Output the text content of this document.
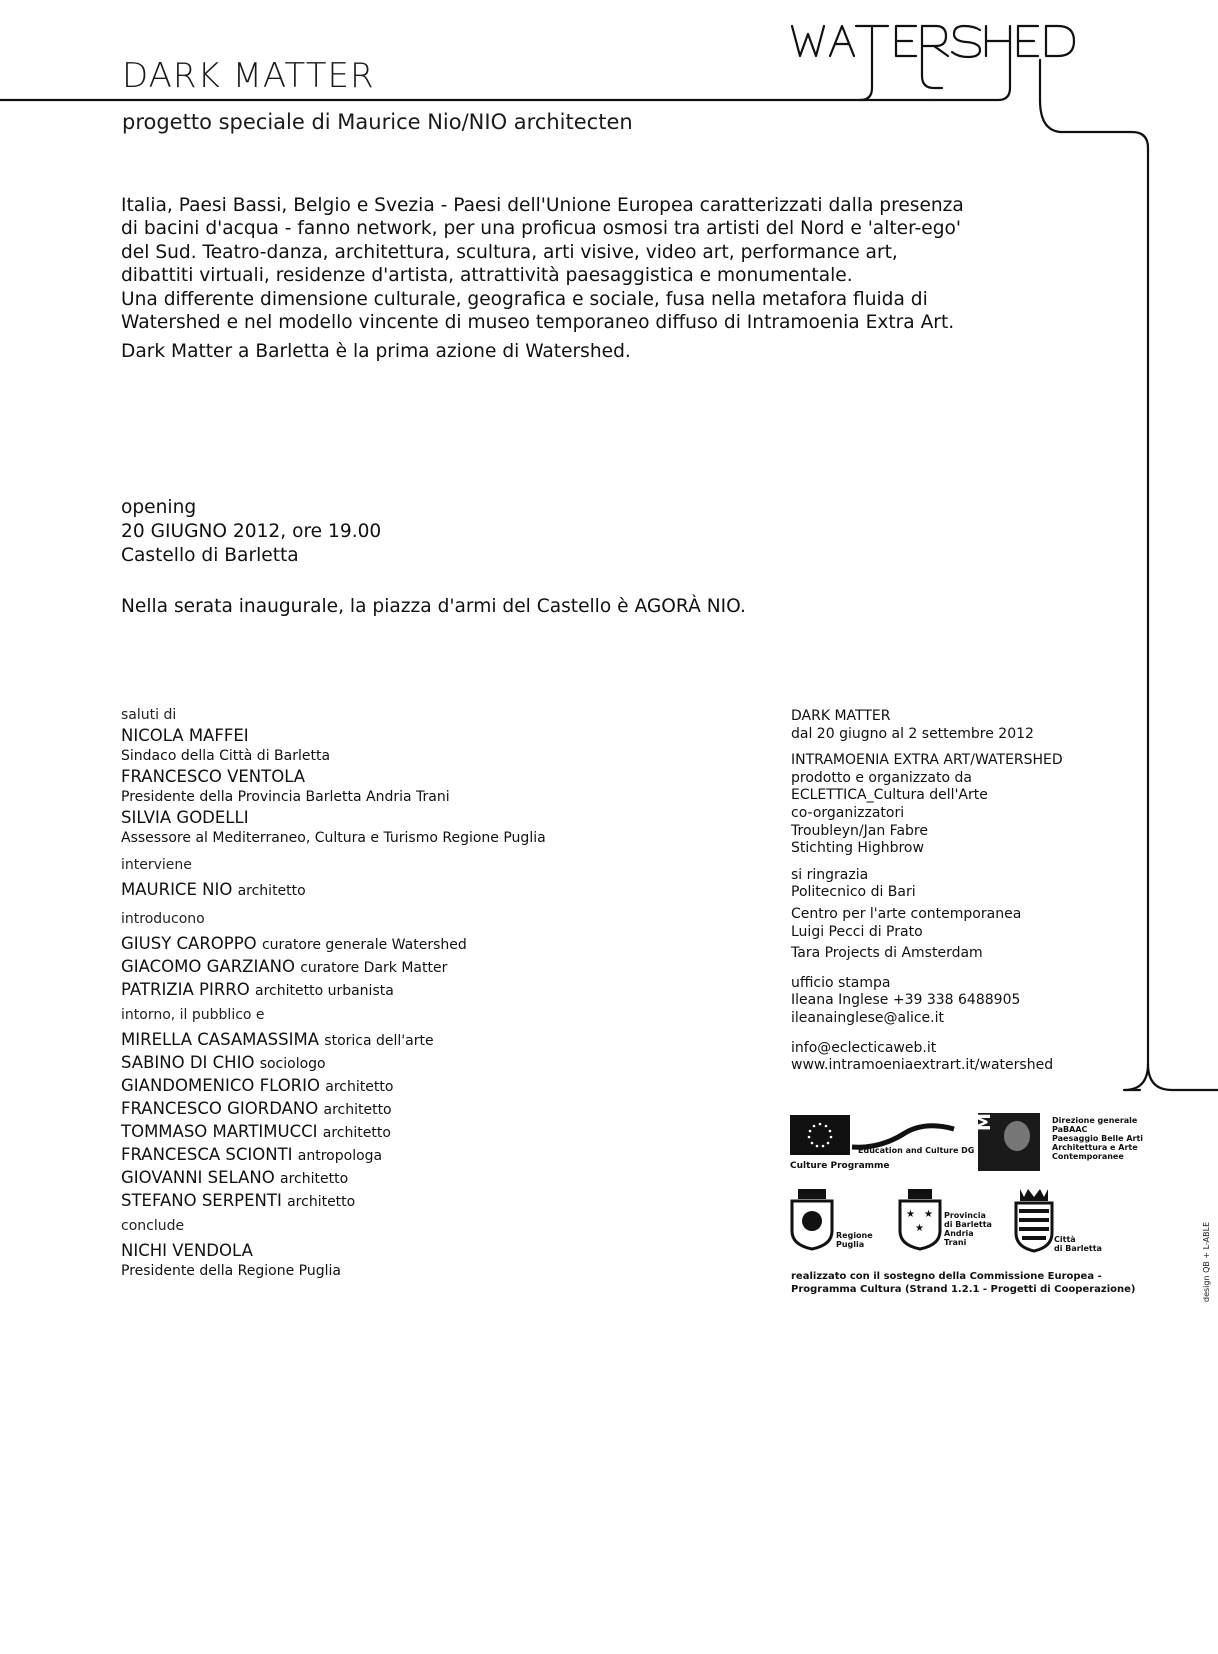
DARK MATTER
progetto speciale di Maurice Nio/NIO architecten

Italia, Paesi Bassi, Belgio e Svezia - Paesi dell'Unione Europea caratterizzati dalla presenza

di bacini d'acqua - fanno network, per una proficua osmosi tra artisti del Nord e 'alter-ego'

del Sud. Teatro-danza, architettura, scultura, arti visive, video art, performance art,

dibattiti virtuali, residenze d'artista, attrattività paesaggistica e monumentale.

Una differente dimensione culturale, geografica e sociale, fusa nella metafora fluida di

Watershed e nel modello vincente di museo temporaneo diffuso di Intramoenia Extra Art.

Dark Matter a Barletta è la prima azione di Watershed.

opening
20 GIUGNO 2012, ore 19.00
Castello di Barletta
Nella serata inaugurale, la piazza d'armi del Castello è AGORÀ NIO.

saluti di

NICOLA MAFFEI
Sindaco della Città di Barletta
FRANCESCO VENTOLA
Presidente della Provincia Barletta Andria Trani
SILVIA GODELLI
Assessore al Mediterraneo, Cultura e Turismo Regione Puglia

interviene

MAURICE NIO architetto

introducono

GIUSY CAROPPO curatore generale Watershed
GIACOMO GARZIANO curatore Dark Matter
PATRIZIA PIRRO architetto urbanista

intorno, il pubblico e

MIRELLA CASAMASSIMA storica dell'arte
SABINO DI CHIO sociologo
GIANDOMENICO FLORIO architetto
FRANCESCO GIORDANO architetto
TOMMASO MARTIMUCCI architetto
FRANCESCA SCIONTI antropologa
GIOVANNI SELANO architetto
STEFANO SERPENTI architetto

conclude

NICHI VENDOLA
Presidente della Regione Puglia
DARK MATTER
dal 20 giugno al 2 settembre 2012
INTRAMOENIA EXTRA ART/WATERSHED
prodotto e organizzato da
ECLETTICA_Cultura dell'Arte
co-organizzatori
Troubleyn/Jan Fabre
Stichting Highbrow
si ringrazia
Politecnico di Bari
Centro per l'arte contemporanea
Luigi Pecci di Prato
Tara Projects di Amsterdam
ufficio stampa
Ileana Inglese +39 338 6488905
ileanainglese@alice.it
info@eclecticaweb.it
www.intramoeniaextrart.it/watershed
Education and Culture DG
Culture Programme
MiBAC	Direzione generale
PaBAAC
Paesaggio Belle Arti
Architettura e Arte
Contemporanee
Regione
Puglia
★ ★
★
Provincia
di Barletta
Andria
Trani	Città
di Barletta
realizzato con il sostegno della Commissione Europea -
Programma Cultura (Strand 1.2.1 - Progetti di Cooperazione)	design QB + L-ABLE
